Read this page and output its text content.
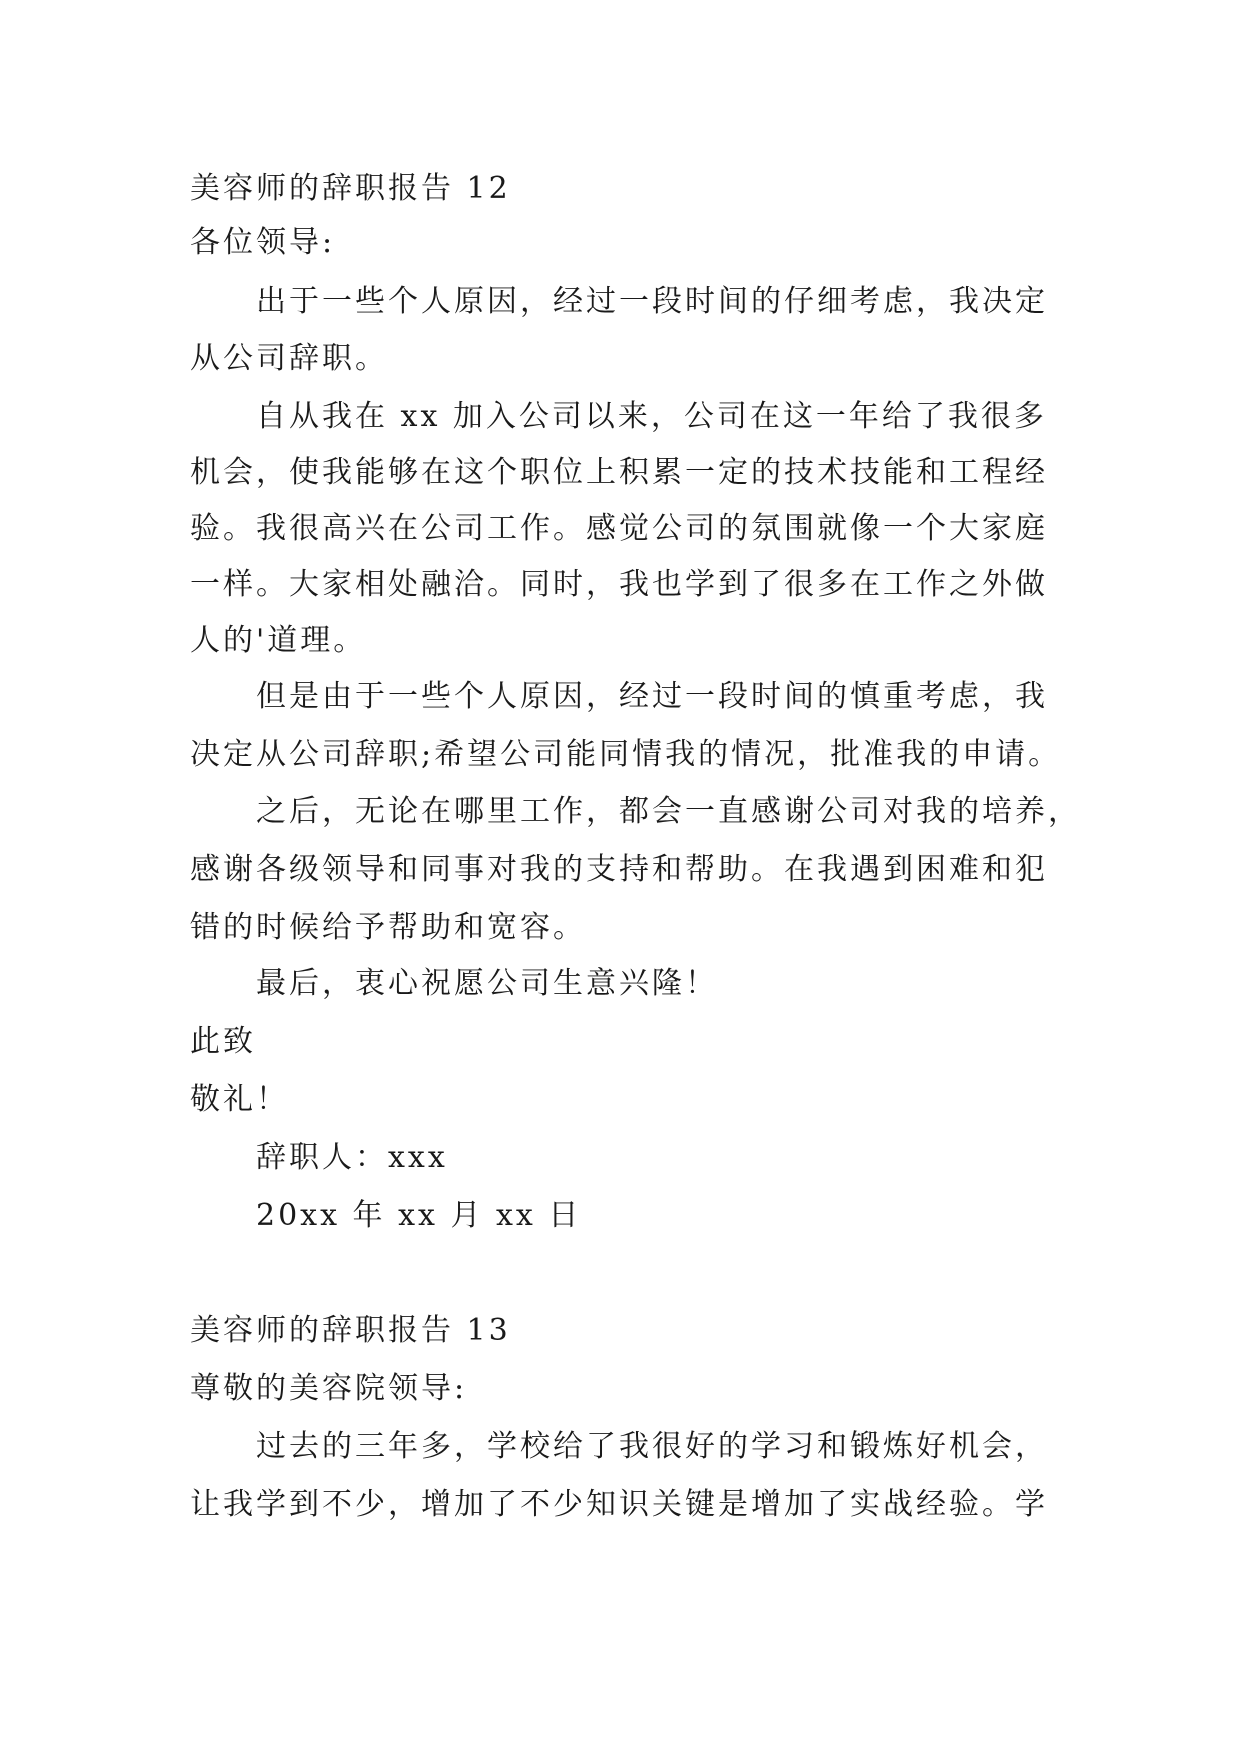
美容师的辞职报告 12
各位领导:
出于一些个人原因，经过一段时间的仔细考虑，我决定
从公司辞职。
自从我在 xx 加入公司以来，公司在这一年给了我很多
机会，使我能够在这个职位上积累一定的技术技能和工程经
验。我很高兴在公司工作。感觉公司的氛围就像一个大家庭
一样。大家相处融洽。同时，我也学到了很多在工作之外做
人的'道理。
但是由于一些个人原因，经过一段时间的慎重考虑，我
决定从公司辞职;希望公司能同情我的情况，批准我的申请。
之后，无论在哪里工作，都会一直感谢公司对我的培养，
感谢各级领导和同事对我的支持和帮助。在我遇到困难和犯
错的时候给予帮助和宽容。
最后，衷心祝愿公司生意兴隆！
此致
敬礼！
辞职人：xxx
20xx 年 xx 月 xx 日
美容师的辞职报告 13
尊敬的美容院领导:
过去的三年多，学校给了我很好的学习和锻炼好机会，
让我学到不少，增加了不少知识关键是增加了实战经验。学
